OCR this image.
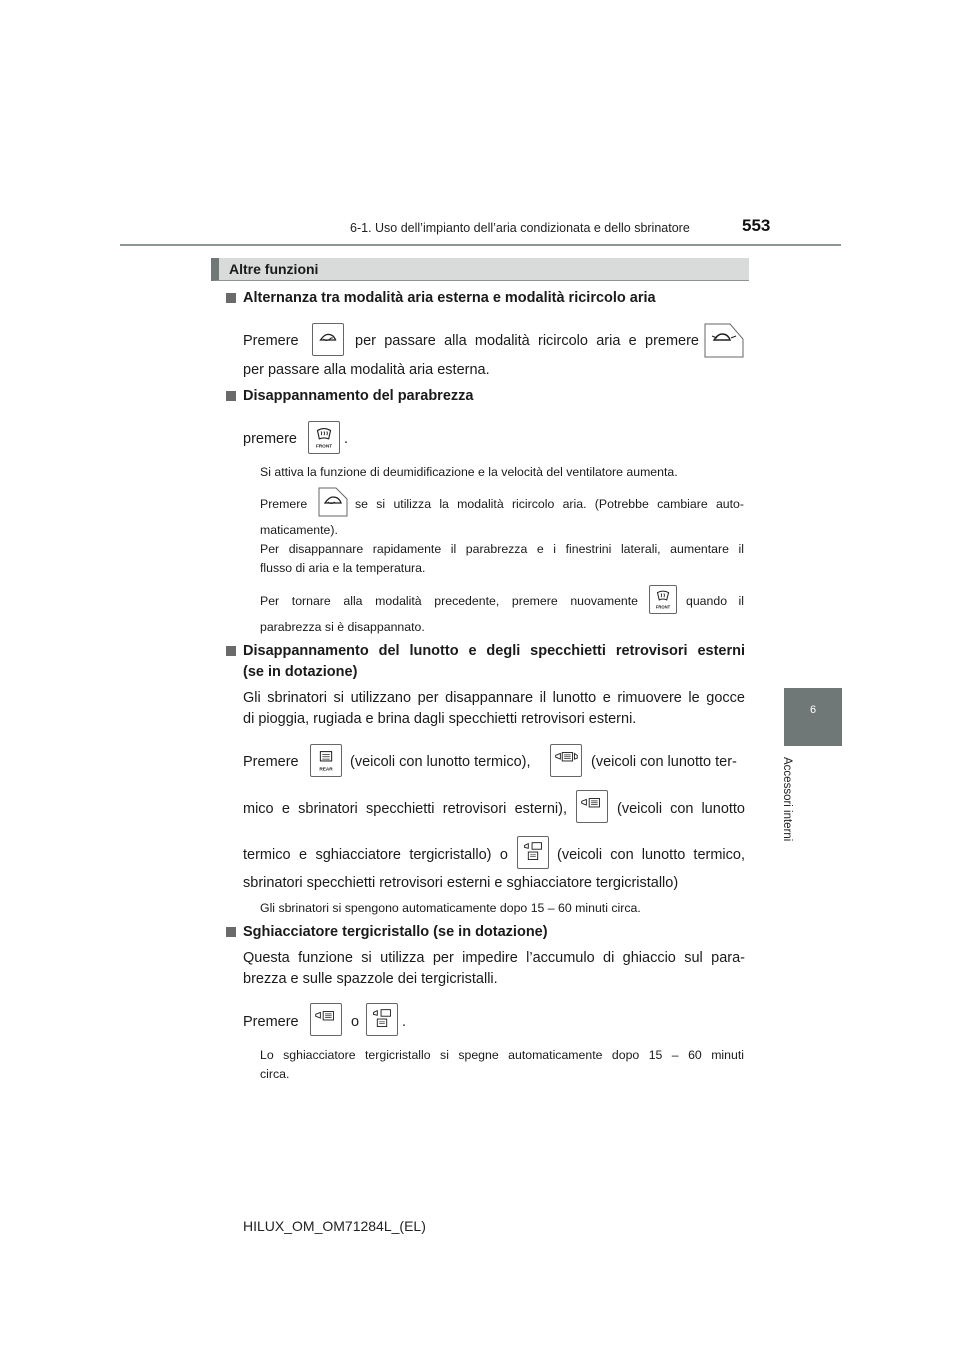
6-1. Uso dell’impianto dell’aria condizionata e dello sbrinatore	553
6
Accessori interni
Altre funzioni
Alternanza tra modalità aria esterna e modalità ricircolo aria
Premere	per passare alla modalità ricircolo aria e premere
per passare alla modalità aria esterna.
Disappannamento del parabrezza
premere	FRONT .
Si attiva la funzione di deumidificazione e la velocità del ventilatore aumenta.
Premere	se si utilizza la modalità ricircolo aria. (Potrebbe cambiare auto-
maticamente).
Per disappannare rapidamente il parabrezza e i finestrini laterali, aumentare il
flusso di aria e la temperatura.
Per tornare alla modalità precedente, premere nuovamente	FRONT quando il
parabrezza si è disappannato.
Disappannamento del lunotto e degli specchietti retrovisori esterni
(se in dotazione)
Gli sbrinatori si utilizzano per disappannare il lunotto e rimuovere le gocce
di pioggia, rugiada e brina dagli specchietti retrovisori esterni.
Premere	REAR (veicoli con lunotto termico),	(veicoli con lunotto ter-
mico e sbrinatori specchietti retrovisori esterni),	(veicoli con lunotto
termico e sghiacciatore tergicristallo) o	(veicoli con lunotto termico,
sbrinatori specchietti retrovisori esterni e sghiacciatore tergicristallo)
Gli sbrinatori si spengono automaticamente dopo 15 – 60 minuti circa.
Sghiacciatore tergicristallo (se in dotazione)
Questa funzione si utilizza per impedire l’accumulo di ghiaccio sul para-
brezza e sulle spazzole dei tergicristalli.
Premere	o	.
Lo sghiacciatore tergicristallo si spegne automaticamente dopo 15 – 60 minuti
circa.
HILUX_OM_OM71284L_(EL)
